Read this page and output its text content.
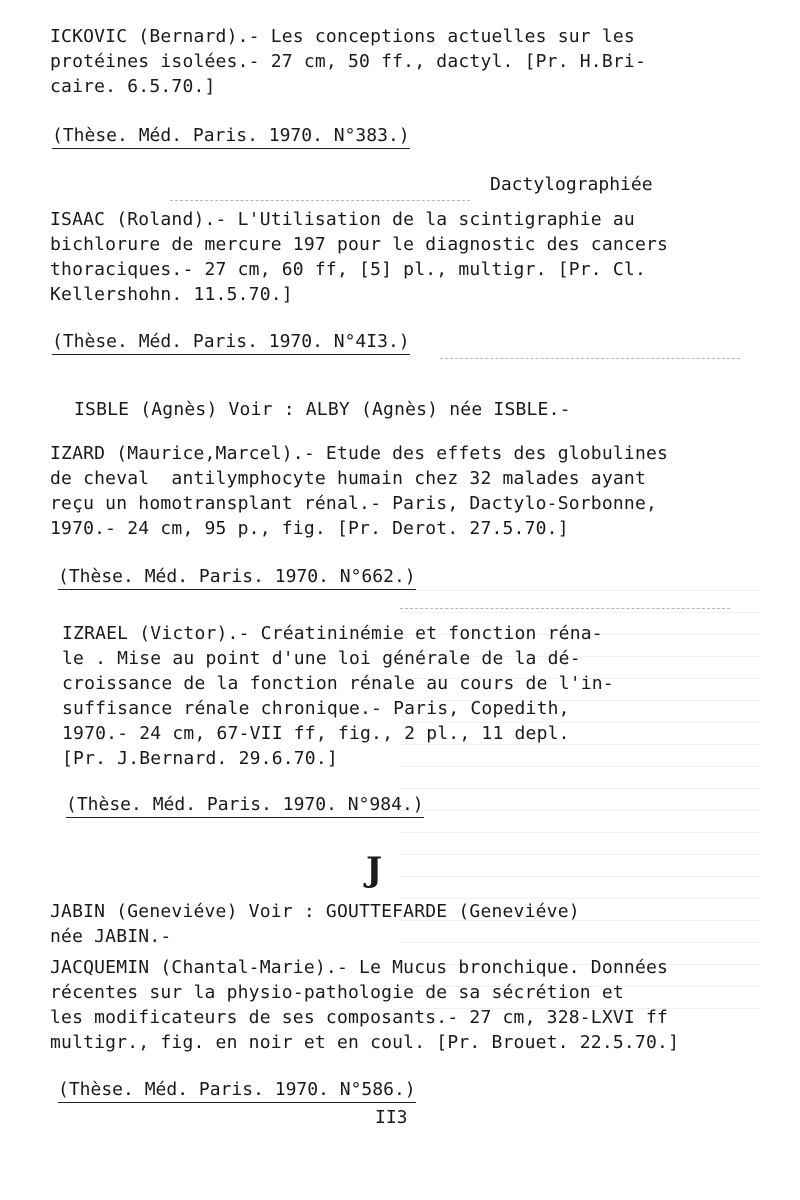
ICKOVIC (Bernard).- Les conceptions actuelles sur les
protéines isolées.- 27 cm, 50 ff., dactyl. [Pr. H.Bri-
caire. 6.5.70.]
(Thèse. Méd. Paris. 1970. N°383.)
Dactylographiée
ISAAC (Roland).- L'Utilisation de la scintigraphie au
bichlorure de mercure 197 pour le diagnostic des cancers
thoraciques.- 27 cm, 60 ff, [5] pl., multigr. [Pr. Cl.
Kellershohn. 11.5.70.]
(Thèse. Méd. Paris. 1970. N°4I3.)
ISBLE (Agnès) Voir : ALBY (Agnès) née ISBLE.-
IZARD (Maurice,Marcel).- Etude des effets des globulines
de cheval  antilymphocyte humain chez 32 malades ayant
reçu un homotransplant rénal.- Paris, Dactylo-Sorbonne,
1970.- 24 cm, 95 p., fig. [Pr. Derot. 27.5.70.]
(Thèse. Méd. Paris. 1970. N°662.)
IZRAEL (Victor).- Créatininémie et fonction réna-
le . Mise au point d'une loi générale de la dé-
croissance de la fonction rénale au cours de l'in-
suffisance rénale chronique.- Paris, Copedith,
1970.- 24 cm, 67-VII ff, fig., 2 pl., 11 depl.
[Pr. J.Bernard. 29.6.70.]
(Thèse. Méd. Paris. 1970. N°984.)
J
JABIN (Geneviéve) Voir : GOUTTEFARDE (Geneviéve)
née JABIN.-
JACQUEMIN (Chantal-Marie).- Le Mucus bronchique. Données
récentes sur la physio-pathologie de sa sécrétion et
les modificateurs de ses composants.- 27 cm, 328-LXVI ff
multigr., fig. en noir et en coul. [Pr. Brouet. 22.5.70.]
(Thèse. Méd. Paris. 1970. N°586.)
II3
